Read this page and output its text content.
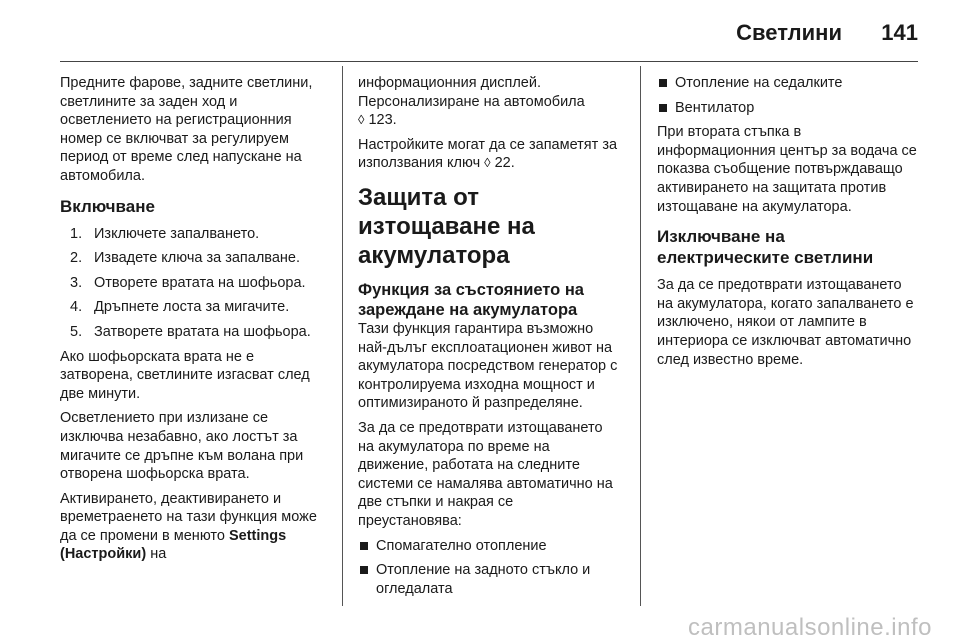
Светлини 141

Предните фарове, задните светлини, светлините за заден ход и осветлението на регистрационния номер се включват за регулируем период от време след напускане на автомобила.

Включване
1. Изключете запалването.
2. Извадете ключа за запалване.
3. Отворете вратата на шофьора.
4. Дръпнете лоста за мигачите.
5. Затворете вратата на шофьора.

Ако шофьорската врата не е затворена, светлините изгасват след две минути.

Осветлението при излизане се изключва незабавно, ако лостът за мигачите се дръпне към волана при отворена шофьорска врата.

Активирането, деактивирането и времетраенето на тази функция може да се промени в менюто Settings (Настройки) на

информационния дисплей.
Персонализиране на автомобила
◊ 123.

Настройките могат да се запаметят за използвания ключ ◊ 22.

Защита от изтощаване на акумулатора
Функция за състоянието на зареждане на акумулатора

Тази функция гарантира възможно най-дълъг експлоатационен живот на акумулатора посредством генератор с контролируема изходна мощност и оптимизираното й разпределяне.

За да се предотврати изтощаването на акумулатора по време на движение, работата на следните системи се намалява автоматично на две стъпки и накрая се преустановява:

Спомагателно отопление
Отопление на задното стъкло и огледалата
Отопление на седалките
Вентилатор

При втората стъпка в информационния център за водача се показва съобщение потвърждаващо активирането на защитата против изтощаване на акумулатора.

Изключване на електрическите светлини

За да се предотврати изтощаването на акумулатора, когато запалването е изключено, някои от лампите в интериора се изключват автоматично след известно време.

carmanualsonline.info
